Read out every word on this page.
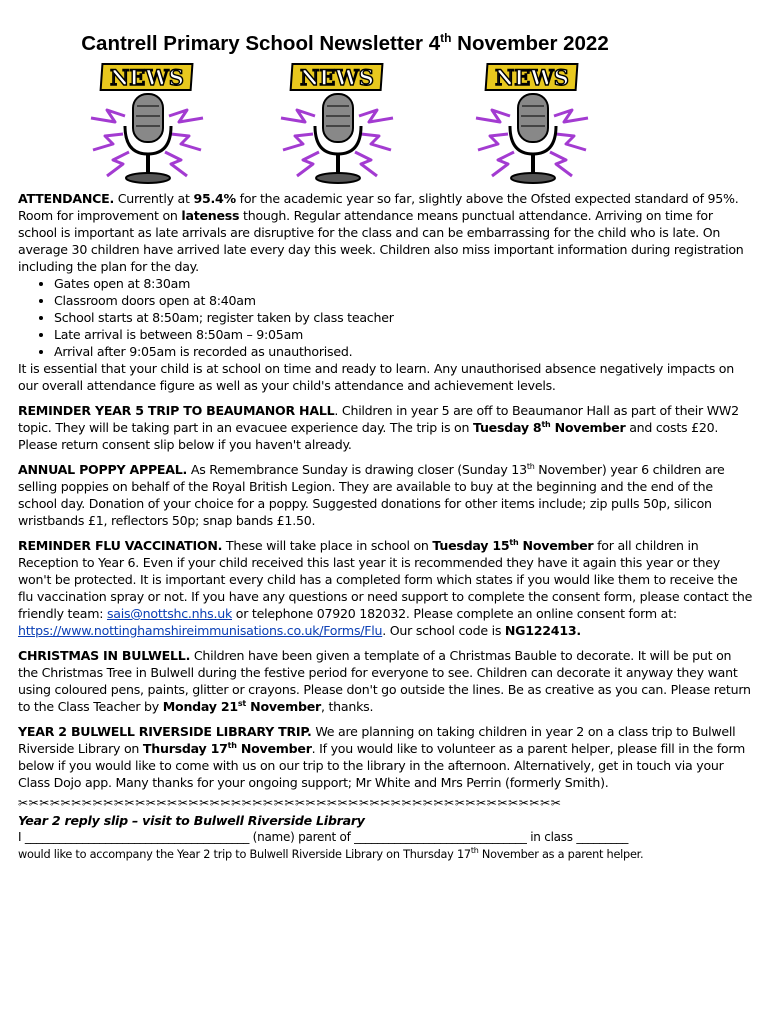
Cantrell Primary School Newsletter 4th November 2022
NEWS	NEWS	NEWS

ATTENDANCE. Currently at 95.4% for the academic year so far, slightly above the Ofsted expected standard of 95%. Room for improvement on lateness though. Regular attendance means punctual attendance. Arriving on time for school is important as late arrivals are disruptive for the class and can be embarrassing for the child who is late. On average 30 children have arrived late every day this week. Children also miss important information during registration including the plan for the day.

• Gates open at 8:30am
• Classroom doors open at 8:40am
• School starts at 8:50am; register taken by class teacher
• Late arrival is between 8:50am – 9:05am
• Arrival after 9:05am is recorded as unauthorised.

It is essential that your child is at school on time and ready to learn. Any unauthorised absence negatively impacts on our overall attendance figure as well as your child's attendance and achievement levels.

REMINDER YEAR 5 TRIP TO BEAUMANOR HALL. Children in year 5 are off to Beaumanor Hall as part of their WW2 topic. They will be taking part in an evacuee experience day. The trip is on Tuesday 8th November and costs £20. Please return consent slip below if you haven't already.

ANNUAL POPPY APPEAL. As Remembrance Sunday is drawing closer (Sunday 13th November) year 6 children are selling poppies on behalf of the Royal British Legion. They are available to buy at the beginning and the end of the school day. Donation of your choice for a poppy. Suggested donations for other items include; zip pulls 50p, silicon wristbands £1, reflectors 50p; snap bands £1.50.

REMINDER FLU VACCINATION. These will take place in school on Tuesday 15th November for all children in Reception to Year 6. Even if your child received this last year it is recommended they have it again this year or they won't be protected. It is important every child has a completed form which states if you would like them to receive the flu vaccination spray or not. If you have any questions or need support to complete the consent form, please contact the friendly team: sais@nottshc.nhs.uk or telephone 07920 182032. Please complete an online consent form at: https://www.nottinghamshireimmunisations.co.uk/Forms/Flu. Our school code is NG122413.

CHRISTMAS IN BULWELL. Children have been given a template of a Christmas Bauble to decorate. It will be put on the Christmas Tree in Bulwell during the festive period for everyone to see. Children can decorate it anyway they want using coloured pens, paints, glitter or crayons. Please don't go outside the lines. Be as creative as you can. Please return to the Class Teacher by Monday 21st November, thanks.

YEAR 2 BULWELL RIVERSIDE LIBRARY TRIP. We are planning on taking children in year 2 on a class trip to Bulwell Riverside Library on Thursday 17th November. If you would like to volunteer as a parent helper, please fill in the form below if you would like to come with us on our trip to the library in the afternoon. Alternatively, get in touch via your Class Dojo app. Many thanks for your ongoing support; Mr White and Mrs Perrin (formerly Smith).

✂✂✂✂✂✂✂✂✂✂✂✂✂✂✂✂✂✂✂✂✂✂✂✂✂✂✂✂✂✂✂✂✂✂✂✂✂✂✂✂✂✂✂✂✂✂✂✂✂✂✂

Year 2 reply slip – visit to Bulwell Riverside Library

I _______________________________________ (name) parent of ______________________________ in class _________

would like to accompany the Year 2 trip to Bulwell Riverside Library on Thursday 17th November as a parent helper.
